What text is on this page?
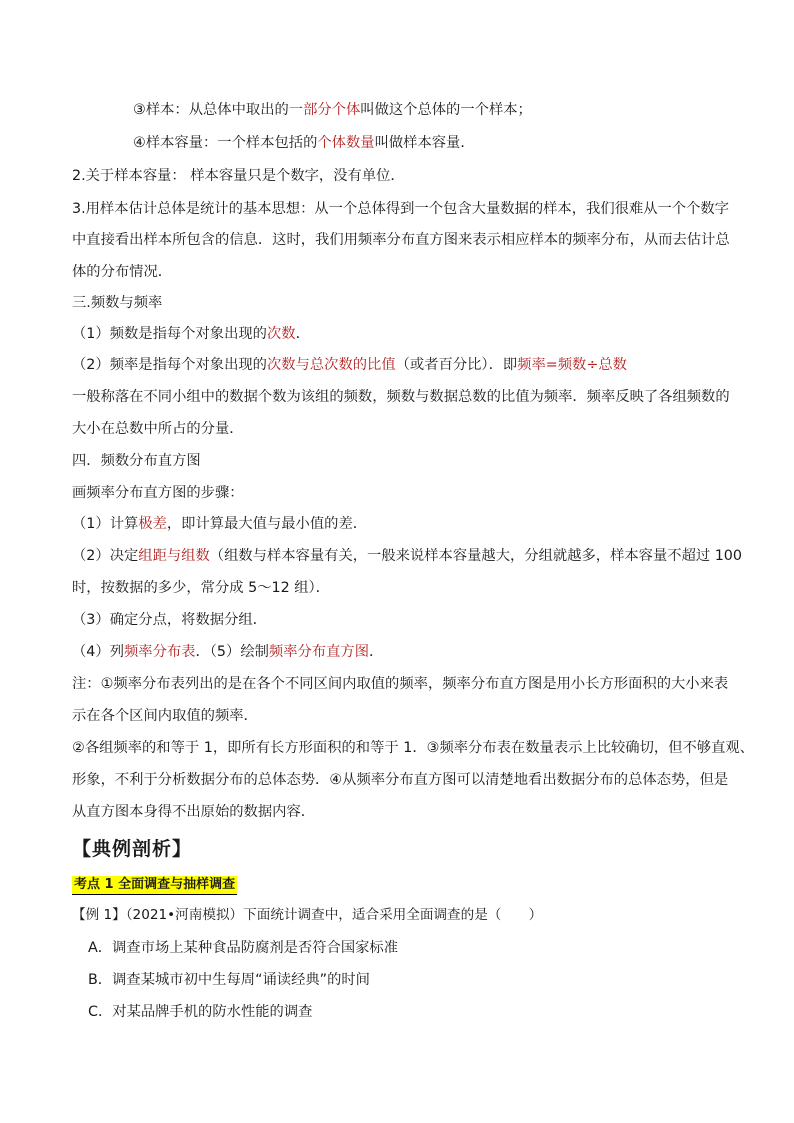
③样本：从总体中取出的一部分个体叫做这个总体的一个样本；
④样本容量：一个样本包括的个体数量叫做样本容量．
2.关于样本容量： 样本容量只是个数字，没有单位．
3.用样本估计总体是统计的基本思想：从一个总体得到一个包含大量数据的样本，我们很难从一个个数字
中直接看出样本所包含的信息．这时，我们用频率分布直方图来表示相应样本的频率分布，从而去估计总
体的分布情况．
三.频数与频率
（1）频数是指每个对象出现的次数．
（2）频率是指每个对象出现的次数与总次数的比值（或者百分比）．即频率=频数÷总数
一般称落在不同小组中的数据个数为该组的频数，频数与数据总数的比值为频率．频率反映了各组频数的
大小在总数中所占的分量．
四．频数分布直方图
画频率分布直方图的步骤：
（1）计算极差，即计算最大值与最小值的差．
（2）决定组距与组数（组数与样本容量有关，一般来说样本容量越大，分组就越多，样本容量不超过 100
时，按数据的多少，常分成 5～12 组）．
（3）确定分点，将数据分组．
（4）列频率分布表．（5）绘制频率分布直方图．
注：①频率分布表列出的是在各个不同区间内取值的频率，频率分布直方图是用小长方形面积的大小来表
示在各个区间内取值的频率．
②各组频率的和等于 1，即所有长方形面积的和等于 1．③频率分布表在数量表示上比较确切，但不够直观、
形象，不利于分析数据分布的总体态势．④从频率分布直方图可以清楚地看出数据分布的总体态势，但是
从直方图本身得不出原始的数据内容．
【典例剖析】
考点 1 全面调查与抽样调查
【例 1】（2021•河南模拟）下面统计调查中，适合采用全面调查的是（　　）
A．调查市场上某种食品防腐剂是否符合国家标准
B．调查某城市初中生每周“诵读经典”的时间
C．对某品牌手机的防水性能的调查
